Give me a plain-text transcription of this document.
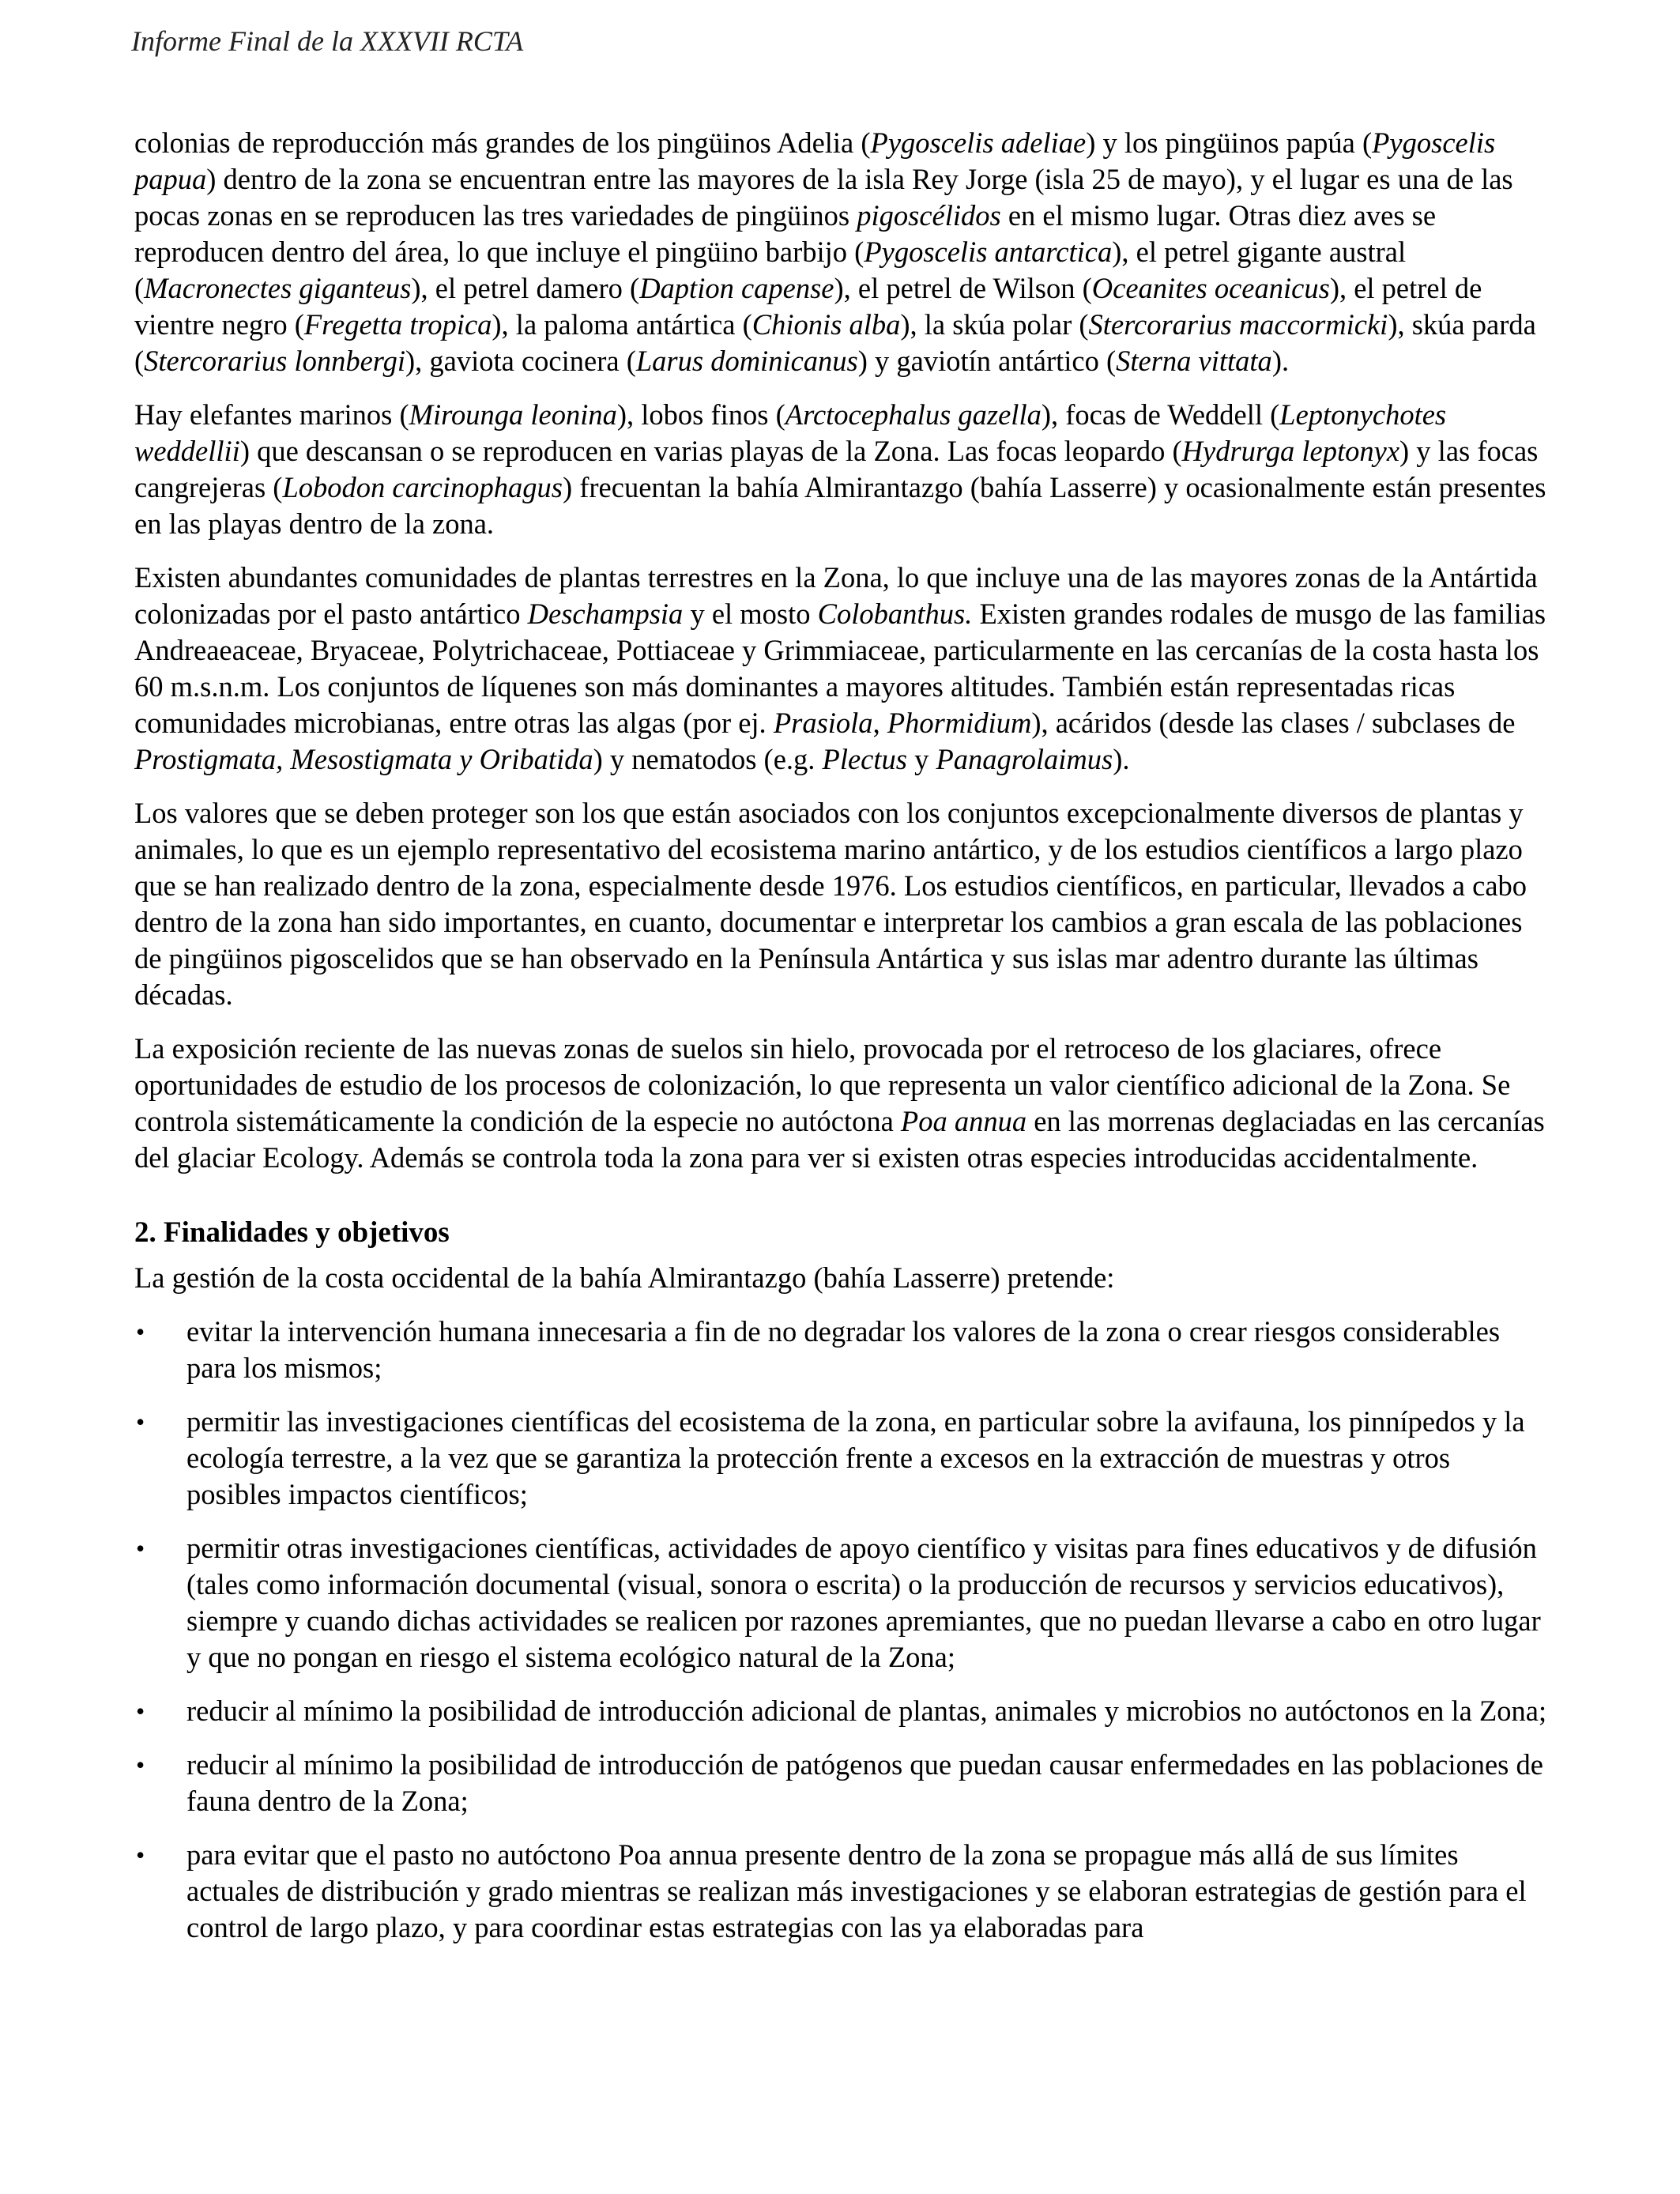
Informe Final de la XXXVII RCTA

colonias de reproducción más grandes de los pingüinos Adelia (Pygoscelis adeliae) y los pingüinos papúa (Pygoscelis papua) dentro de la zona se encuentran entre las mayores de la isla Rey Jorge (isla 25 de mayo), y el lugar es una de las pocas zonas en se reproducen las tres variedades de pingüinos pigoscélidos en el mismo lugar. Otras diez aves se reproducen dentro del área, lo que incluye el pingüino barbijo (Pygoscelis antarctica), el petrel gigante austral (Macronectes giganteus), el petrel damero (Daption capense), el petrel de Wilson (Oceanites oceanicus), el petrel de vientre negro (Fregetta tropica), la paloma antártica (Chionis alba), la skúa polar (Stercorarius maccormicki), skúa parda (Stercorarius lonnbergi), gaviota cocinera (Larus dominicanus) y gaviotín antártico (Sterna vittata).

Hay elefantes marinos (Mirounga leonina), lobos finos (Arctocephalus gazella), focas de Weddell (Leptonychotes weddellii) que descansan o se reproducen en varias playas de la Zona. Las focas leopardo (Hydrurga leptonyx) y las focas cangrejeras (Lobodon carcinophagus) frecuentan la bahía Almirantazgo (bahía Lasserre) y ocasionalmente están presentes en las playas dentro de la zona.

Existen abundantes comunidades de plantas terrestres en la Zona, lo que incluye una de las mayores zonas de la Antártida colonizadas por el pasto antártico Deschampsia y el mosto Colobanthus. Existen grandes rodales de musgo de las familias Andreaeaceae, Bryaceae, Polytrichaceae, Pottiaceae y Grimmiaceae, particularmente en las cercanías de la costa hasta los 60 m.s.n.m. Los conjuntos de líquenes son más dominantes a mayores altitudes. También están representadas ricas comunidades microbianas, entre otras las algas (por ej. Prasiola, Phormidium), acáridos (desde las clases / subclases de Prostigmata, Mesostigmata y Oribatida) y nematodos (e.g. Plectus y Panagrolaimus).

Los valores que se deben proteger son los que están asociados con los conjuntos excepcionalmente diversos de plantas y animales, lo que es un ejemplo representativo del ecosistema marino antártico, y de los estudios científicos a largo plazo que se han realizado dentro de la zona, especialmente desde 1976. Los estudios científicos, en particular, llevados a cabo dentro de la zona han sido importantes, en cuanto, documentar e interpretar los cambios a gran escala de las poblaciones de pingüinos pigoscelidos que se han observado en la Península Antártica y sus islas mar adentro durante las últimas décadas.

La exposición reciente de las nuevas zonas de suelos sin hielo, provocada por el retroceso de los glaciares, ofrece oportunidades de estudio de los procesos de colonización, lo que representa un valor científico adicional de la Zona. Se controla sistemáticamente la condición de la especie no autóctona Poa annua en las morrenas deglaciadas en las cercanías del glaciar Ecology. Además se controla toda la zona para ver si existen otras especies introducidas accidentalmente.

2. Finalidades y objetivos

La gestión de la costa occidental de la bahía Almirantazgo (bahía Lasserre) pretende:

• evitar la intervención humana innecesaria a fin de no degradar los valores de la zona o crear riesgos considerables para los mismos;
• permitir las investigaciones científicas del ecosistema de la zona, en particular sobre la avifauna, los pinnípedos y la ecología terrestre, a la vez que se garantiza la protección frente a excesos en la extracción de muestras y otros posibles impactos científicos;
• permitir otras investigaciones científicas, actividades de apoyo científico y visitas para fines educativos y de difusión (tales como información documental (visual, sonora o escrita) o la producción de recursos y servicios educativos), siempre y cuando dichas actividades se realicen por razones apremiantes, que no puedan llevarse a cabo en otro lugar y que no pongan en riesgo el sistema ecológico natural de la Zona;
• reducir al mínimo la posibilidad de introducción adicional de plantas, animales y microbios no autóctonos en la Zona;
• reducir al mínimo la posibilidad de introducción de patógenos que puedan causar enfermedades en las poblaciones de fauna dentro de la Zona;
• para evitar que el pasto no autóctono Poa annua presente dentro de la zona se propague más allá de sus límites actuales de distribución y grado mientras se realizan más investigaciones y se elaboran estrategias de gestión para el control de largo plazo, y para coordinar estas estrategias con las ya elaboradas para
